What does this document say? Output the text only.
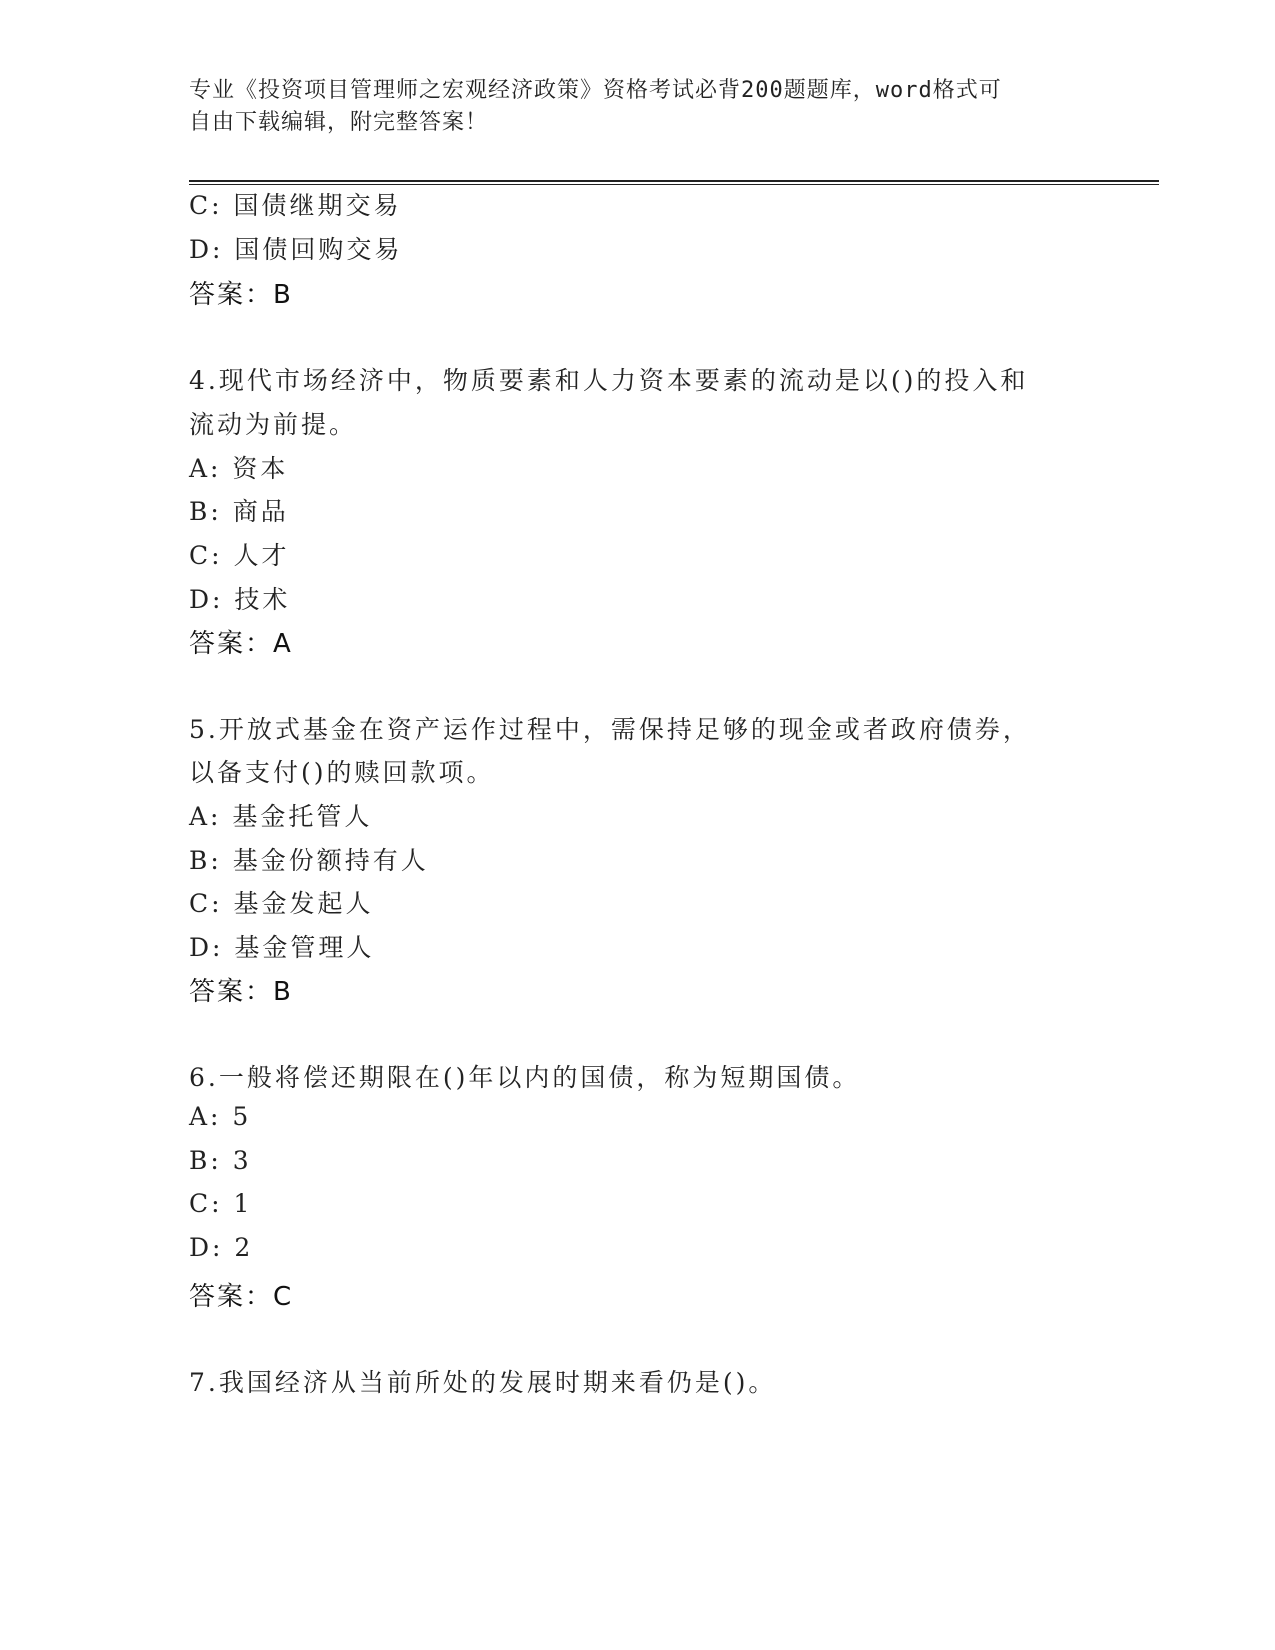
专业《投资项目管理师之宏观经济政策》资格考试必背200题题库，word格式可
自由下载编辑，附完整答案！
C: 国债继期交易
D: 国债回购交易
答案：B
4.现代市场经济中，物质要素和人力资本要素的流动是以()的投入和
流动为前提。
A: 资本
B: 商品
C: 人才
D: 技术
答案：A
5.开放式基金在资产运作过程中，需保持足够的现金或者政府债券，
以备支付()的赎回款项。
A: 基金托管人
B: 基金份额持有人
C: 基金发起人
D: 基金管理人
答案：B
6.一般将偿还期限在()年以内的国债，称为短期国债。
A: 5
B: 3
C: 1
D: 2
答案：C
7.我国经济从当前所处的发展时期来看仍是()。
